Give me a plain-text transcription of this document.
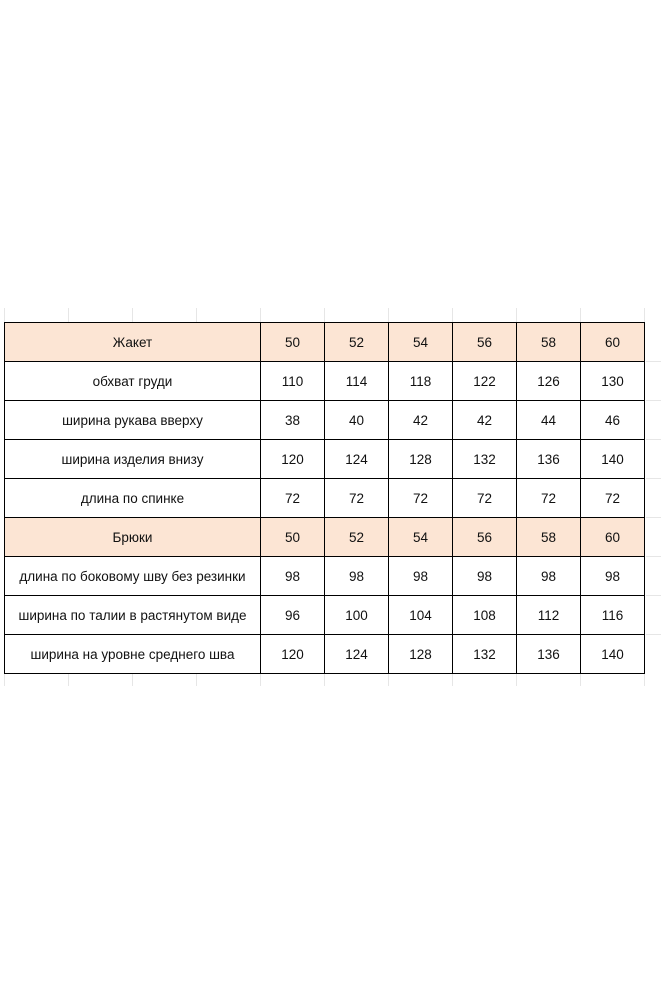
Жакет	50	52	54	56	58	60
обхват груди	110	114	118	122	126	130
ширина рукава вверху	38	40	42	42	44	46
ширина изделия внизу	120	124	128	132	136	140
длина по спинке	72	72	72	72	72	72
Брюки	50	52	54	56	58	60
длина по боковому шву без резинки	98	98	98	98	98	98
ширина по талии в растянутом виде	96	100	104	108	112	116
ширина на уровне среднего шва	120	124	128	132	136	140
